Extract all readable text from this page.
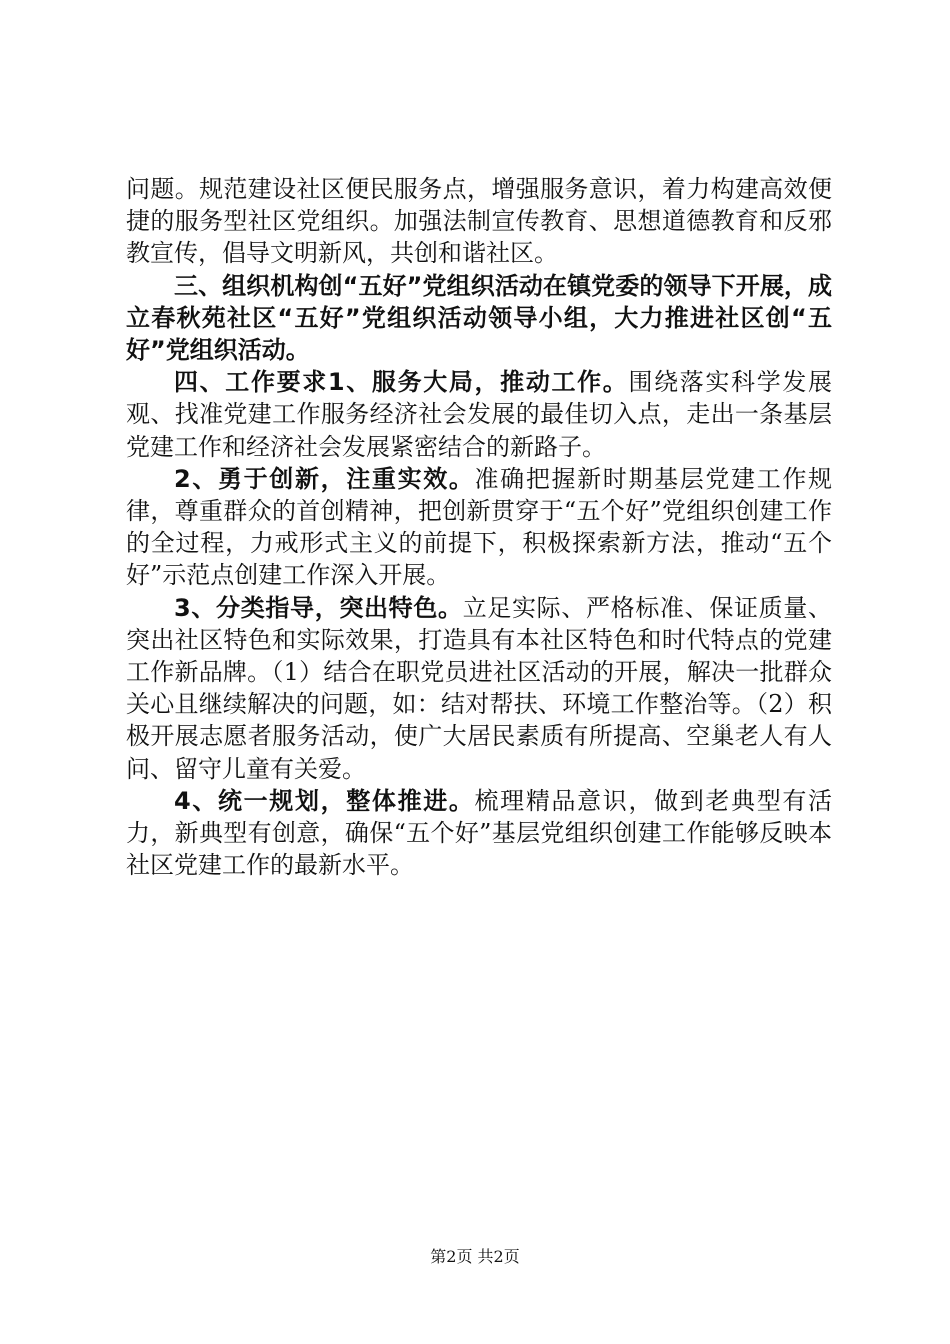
问题。规范建设社区便民服务点，增强服务意识，着力构建高效便捷的服务型社区党组织。加强法制宣传教育、思想道德教育和反邪教宣传，倡导文明新风，共创和谐社区。

三、组织机构创“五好”党组织活动在镇党委的领导下开展，成立春秋苑社区“五好”党组织活动领导小组，大力推进社区创“五好”党组织活动。

四、工作要求1、服务大局，推动工作。围绕落实科学发展观、找准党建工作服务经济社会发展的最佳切入点，走出一条基层党建工作和经济社会发展紧密结合的新路子。

2、勇于创新，注重实效。准确把握新时期基层党建工作规律，尊重群众的首创精神，把创新贯穿于“五个好”党组织创建工作的全过程，力戒形式主义的前提下，积极探索新方法，推动“五个好”示范点创建工作深入开展。

3、分类指导，突出特色。立足实际、严格标准、保证质量、突出社区特色和实际效果，打造具有本社区特色和时代特点的党建工作新品牌。（1）结合在职党员进社区活动的开展，解决一批群众关心且继续解决的问题，如：结对帮扶、环境工作整治等。（2）积极开展志愿者服务活动，使广大居民素质有所提高、空巢老人有人问、留守儿童有关爱。

4、统一规划，整体推进。梳理精品意识，做到老典型有活力，新典型有创意，确保“五个好”基层党组织创建工作能够反映本社区党建工作的最新水平。

第2页 共2页
